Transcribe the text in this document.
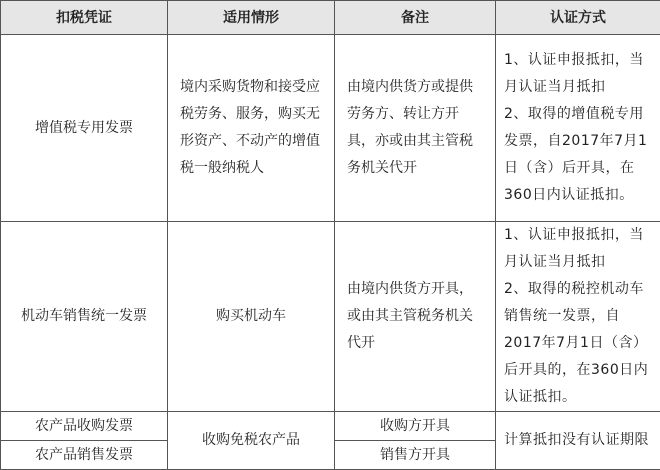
扣税凭证	适用情形	备注	认证方式
增值税专用发票	境内采购货物和接受应税劳务、服务，购买无形资产、不动产的增值税一般纳税人	由境内供货方或提供劳务方、转让方开具，亦或由其主管税务机关代开	1、认证申报抵扣，当月认证当月抵扣
2、取得的增值税专用发票，自2017年7月1日（含）后开具，在360日内认证抵扣。
机动车销售统一发票	购买机动车	由境内供货方开具，或由其主管税务机关代开	1、认证申报抵扣，当月认证当月抵扣
2、取得的税控机动车销售统一发票，自2017年7月1日（含）后开具的，在360日内认证抵扣。
农产品收购发票	收购免税农产品	收购方开具	计算抵扣没有认证期限
农产品销售发票		销售方开具	
